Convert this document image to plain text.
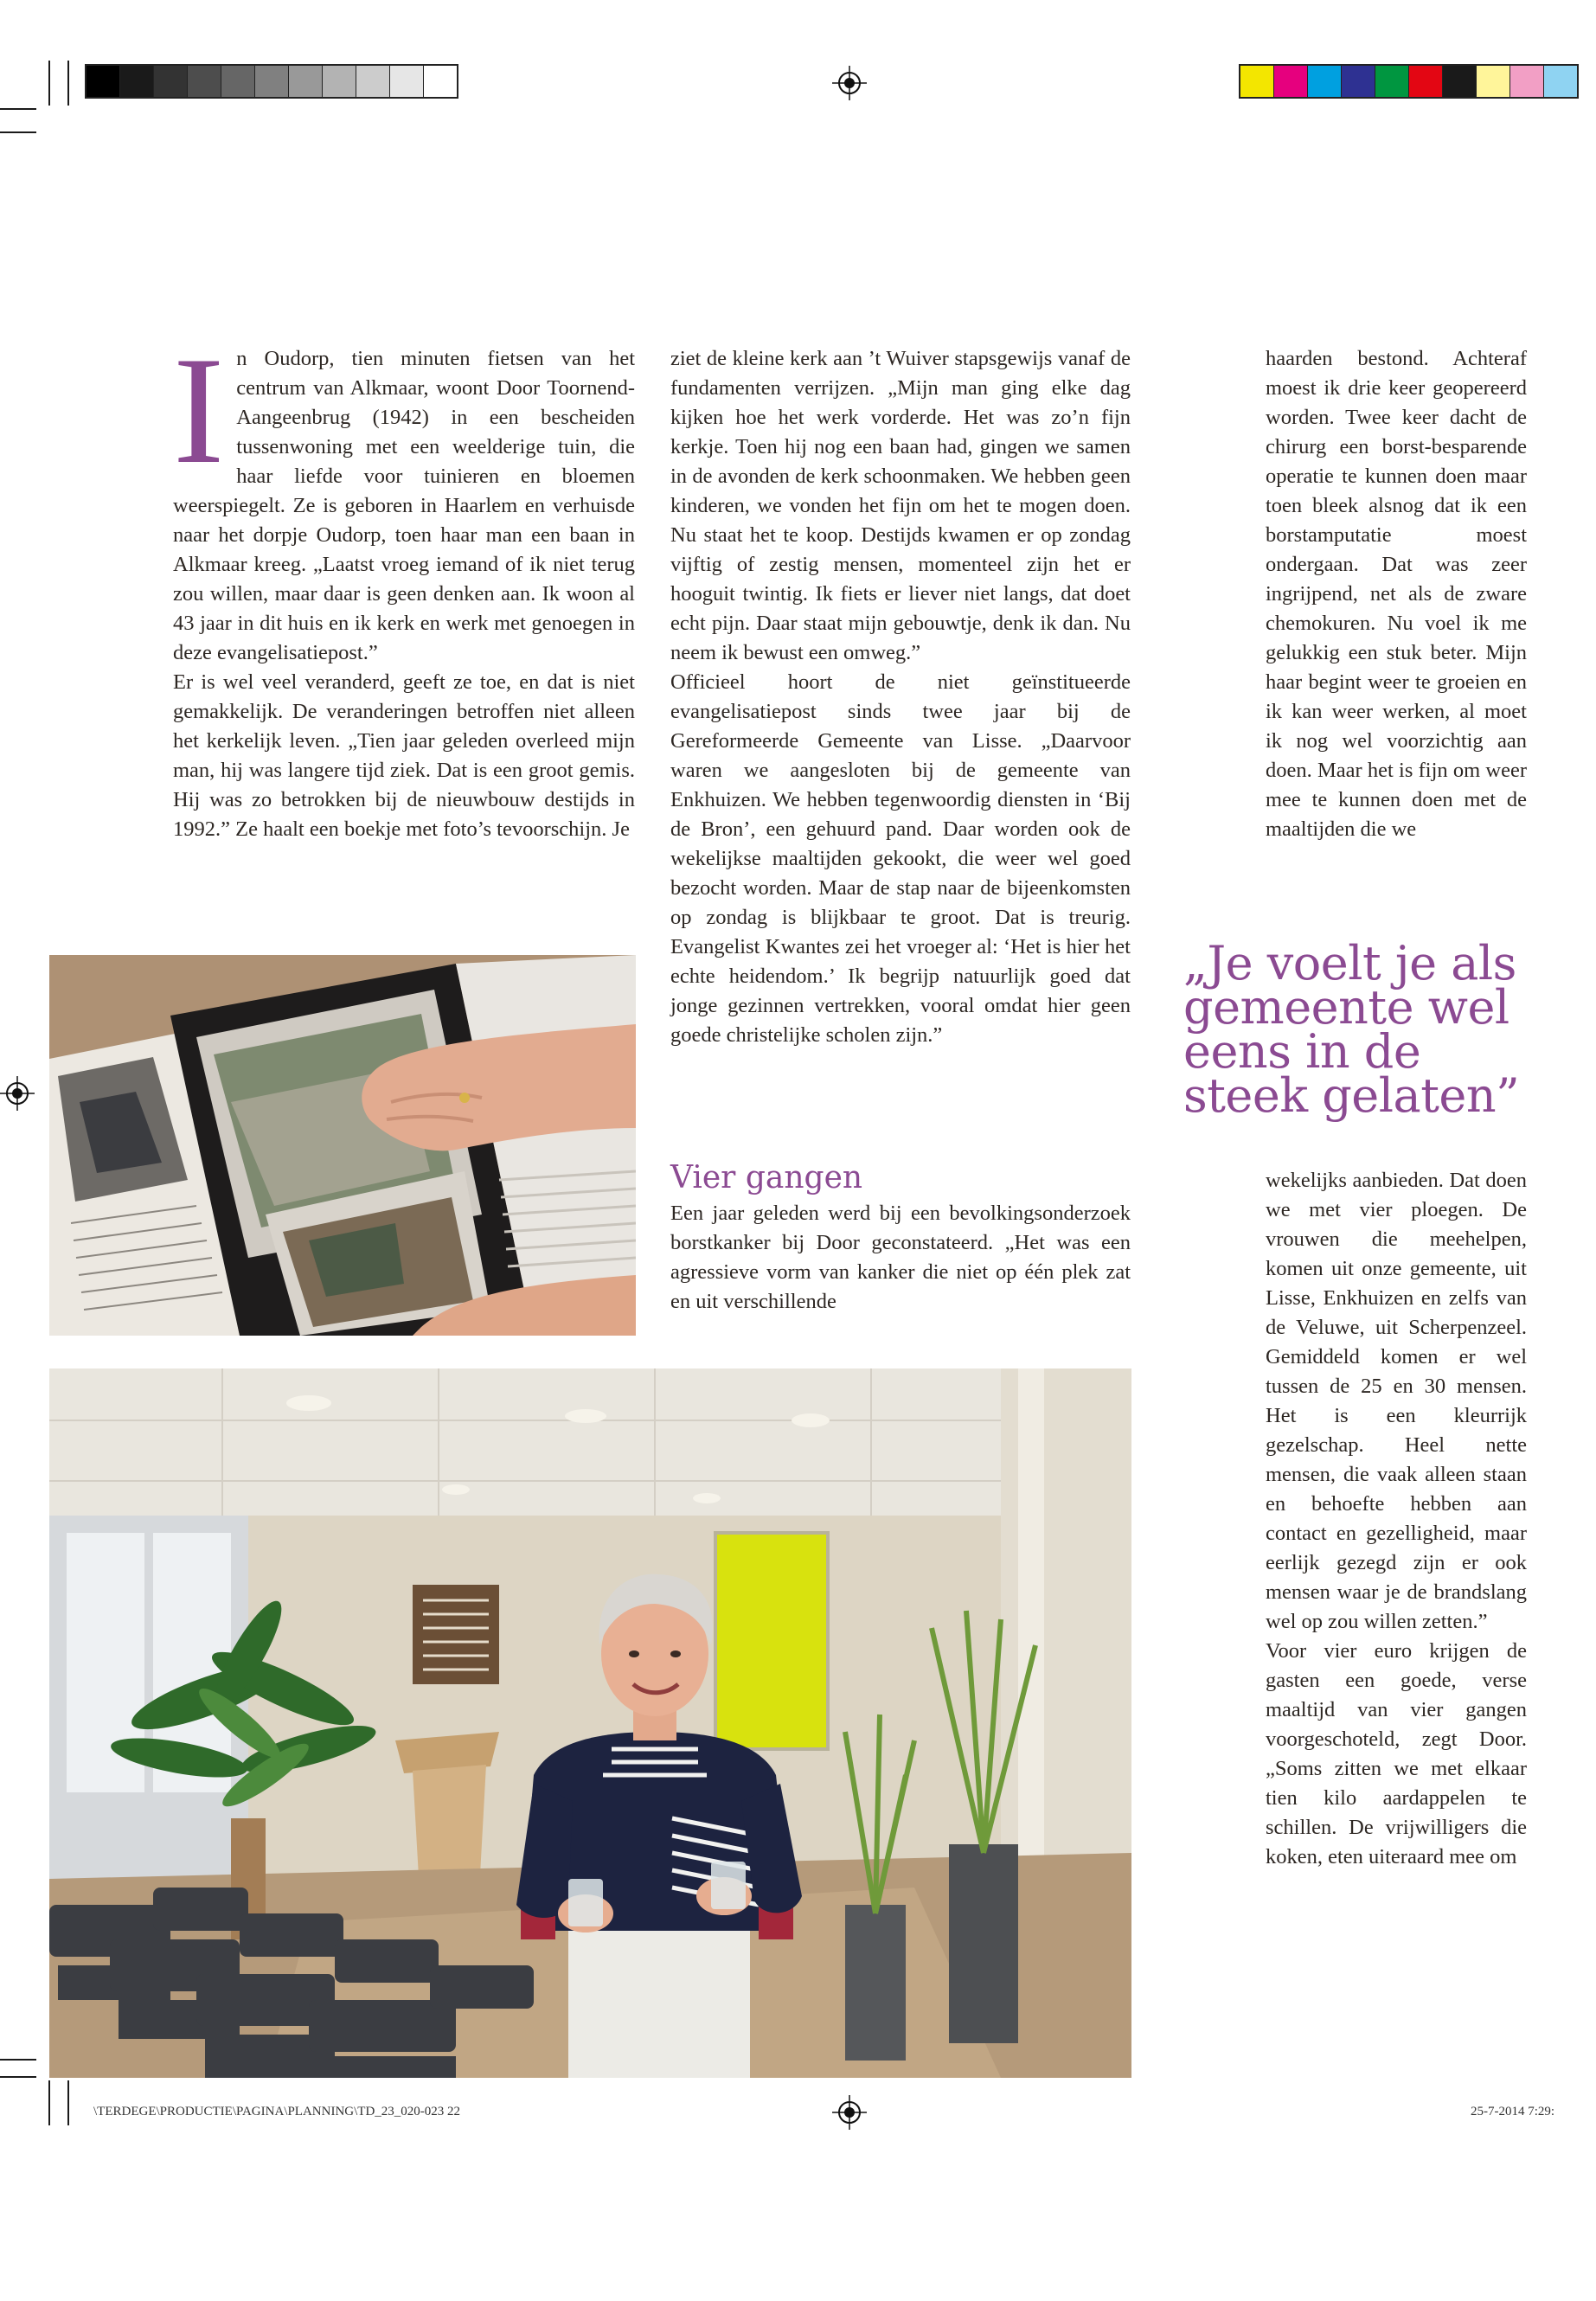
In Oudorp, tien minuten fietsen van het centrum van Alkmaar, woont Door Toornend-Aangeenbrug (1942) in een bescheiden tussenwoning met een weelderige tuin, die haar liefde voor tuinieren en bloemen weerspiegelt. Ze is geboren in Haarlem en verhuisde naar het dorpje Oudorp, toen haar man een baan in Alkmaar kreeg. „Laatst vroeg iemand of ik niet terug zou willen, maar daar is geen denken aan. Ik woon al 43 jaar in dit huis en ik kerk en werk met genoegen in deze evangelisatiepost.”

Er is wel veel veranderd, geeft ze toe, en dat is niet gemakkelijk. De veranderingen betroffen niet alleen het kerkelijk leven. „Tien jaar geleden overleed mijn man, hij was langere tijd ziek. Dat is een groot gemis. Hij was zo betrokken bij de nieuwbouw destijds in 1992.” Ze haalt een boekje met foto’s tevoorschijn. Je

ziet de kleine kerk aan ’t Wuiver stapsgewijs vanaf de fundamenten verrijzen. „Mijn man ging elke dag kijken hoe het werk vorderde. Het was zo’n fijn kerkje. Toen hij nog een baan had, gingen we samen in de avonden de kerk schoonmaken. We hebben geen kinderen, we vonden het fijn om het te mogen doen. Nu staat het te koop. Destijds kwamen er op zondag vijftig of zestig mensen, momenteel zijn het er hooguit twintig. Ik fiets er liever niet langs, dat doet echt pijn. Daar staat mijn gebouwtje, denk ik dan. Nu neem ik bewust een omweg.”

Officieel hoort de niet geïnstitueerde evangelisatiepost sinds twee jaar bij de Gereformeerde Gemeente van Lisse. „Daarvoor waren we aangesloten bij de gemeente van Enkhuizen. We hebben tegenwoordig diensten in ‘Bij de Bron’, een gehuurd pand. Daar worden ook de wekelijkse maaltijden gekookt, die weer wel goed bezocht worden. Maar de stap naar de bijeenkomsten op zondag is blijkbaar te groot. Dat is treurig. Evangelist Kwantes zei het vroeger al: ‘Het is hier het echte heidendom.’ Ik begrijp natuurlijk goed dat jonge gezinnen vertrekken, vooral omdat hier geen goede christelijke scholen zijn.”

Vier gangen

Een jaar geleden werd bij een bevolkingsonderzoek borstkanker bij Door geconstateerd. „Het was een agressieve vorm van kanker die niet op één plek zat en uit verschillende

haarden bestond. Achteraf moest ik drie keer geopereerd worden. Twee keer dacht de chirurg een borst-besparende operatie te kunnen doen maar toen bleek alsnog dat ik een borstamputatie moest ondergaan. Dat was zeer ingrijpend, net als de zware chemokuren. Nu voel ik me gelukkig een stuk beter. Mijn haar begint weer te groeien en ik kan weer werken, al moet ik nog wel voorzichtig aan doen. Maar het is fijn om weer mee te kunnen doen met de maaltijden die we

„Je voelt je als gemeente wel eens in de steek gelaten”

wekelijks aanbieden. Dat doen we met vier ploegen. De vrouwen die meehelpen, komen uit onze gemeente, uit Lisse, Enkhuizen en zelfs van de Veluwe, uit Scherpenzeel. Gemiddeld komen er wel tussen de 25 en 30 mensen. Het is een kleurrijk gezelschap. Heel nette mensen, die vaak alleen staan en behoefte hebben aan contact en gezelligheid, maar eerlijk gezegd zijn er ook mensen waar je de brandslang wel op zou willen zetten.”

Voor vier euro krijgen de gasten een goede, verse maaltijd van vier gangen voorgeschoteld, zegt Door. „Soms zitten we met elkaar tien kilo aardappelen te schillen. De vrijwilligers die koken, eten uiteraard mee om

\TERDEGE\PRODUCTIE\PAGINA\PLANNING\TD_23_020-023 22	25-7-2014 7:29:
